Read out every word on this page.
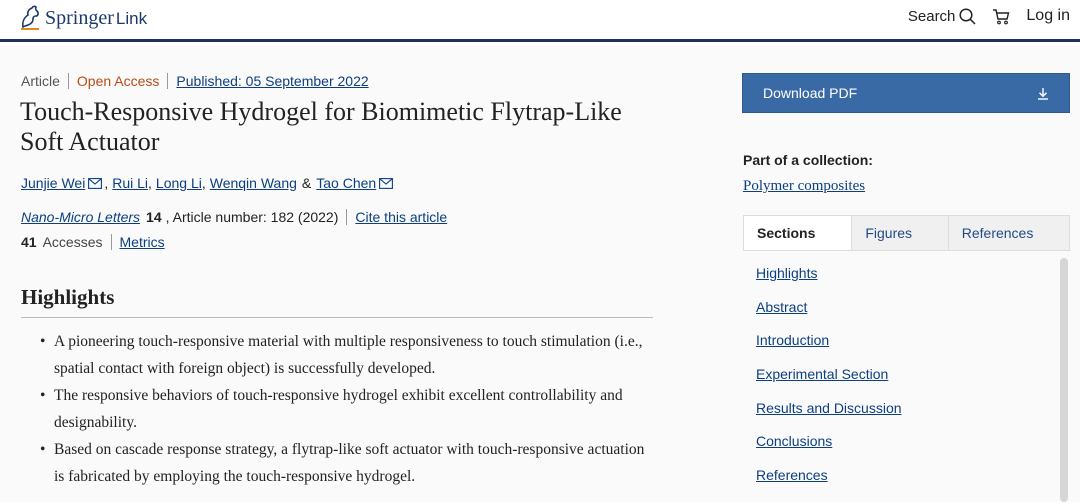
Springer Link	Search	Log in
Article Open Access Published: 05 September 2022
Touch-Responsive Hydrogel for Biomimetic Flytrap-Like Soft Actuator
Junjie Wei , Rui Li , Long Li , Wenqin Wang & Tao Chen
Nano-Micro Letters 14 , Article number: 182 (2022) Cite this article
41 Accesses Metrics
Highlights
• A pioneering touch-responsive material with multiple responsiveness to touch stimulation (i.e., spatial contact with foreign object) is successfully developed.
• The responsive behaviors of touch-responsive hydrogel exhibit excellent controllability and designability.
• Based on cascade response strategy, a flytrap-like soft actuator with touch-responsive actuation is fabricated by employing the touch-responsive hydrogel.
Download PDF
Part of a collection:
Polymer composites
Sections	Figures	References
Highlights
Abstract
Introduction
Experimental Section
Results and Discussion
Conclusions
References
